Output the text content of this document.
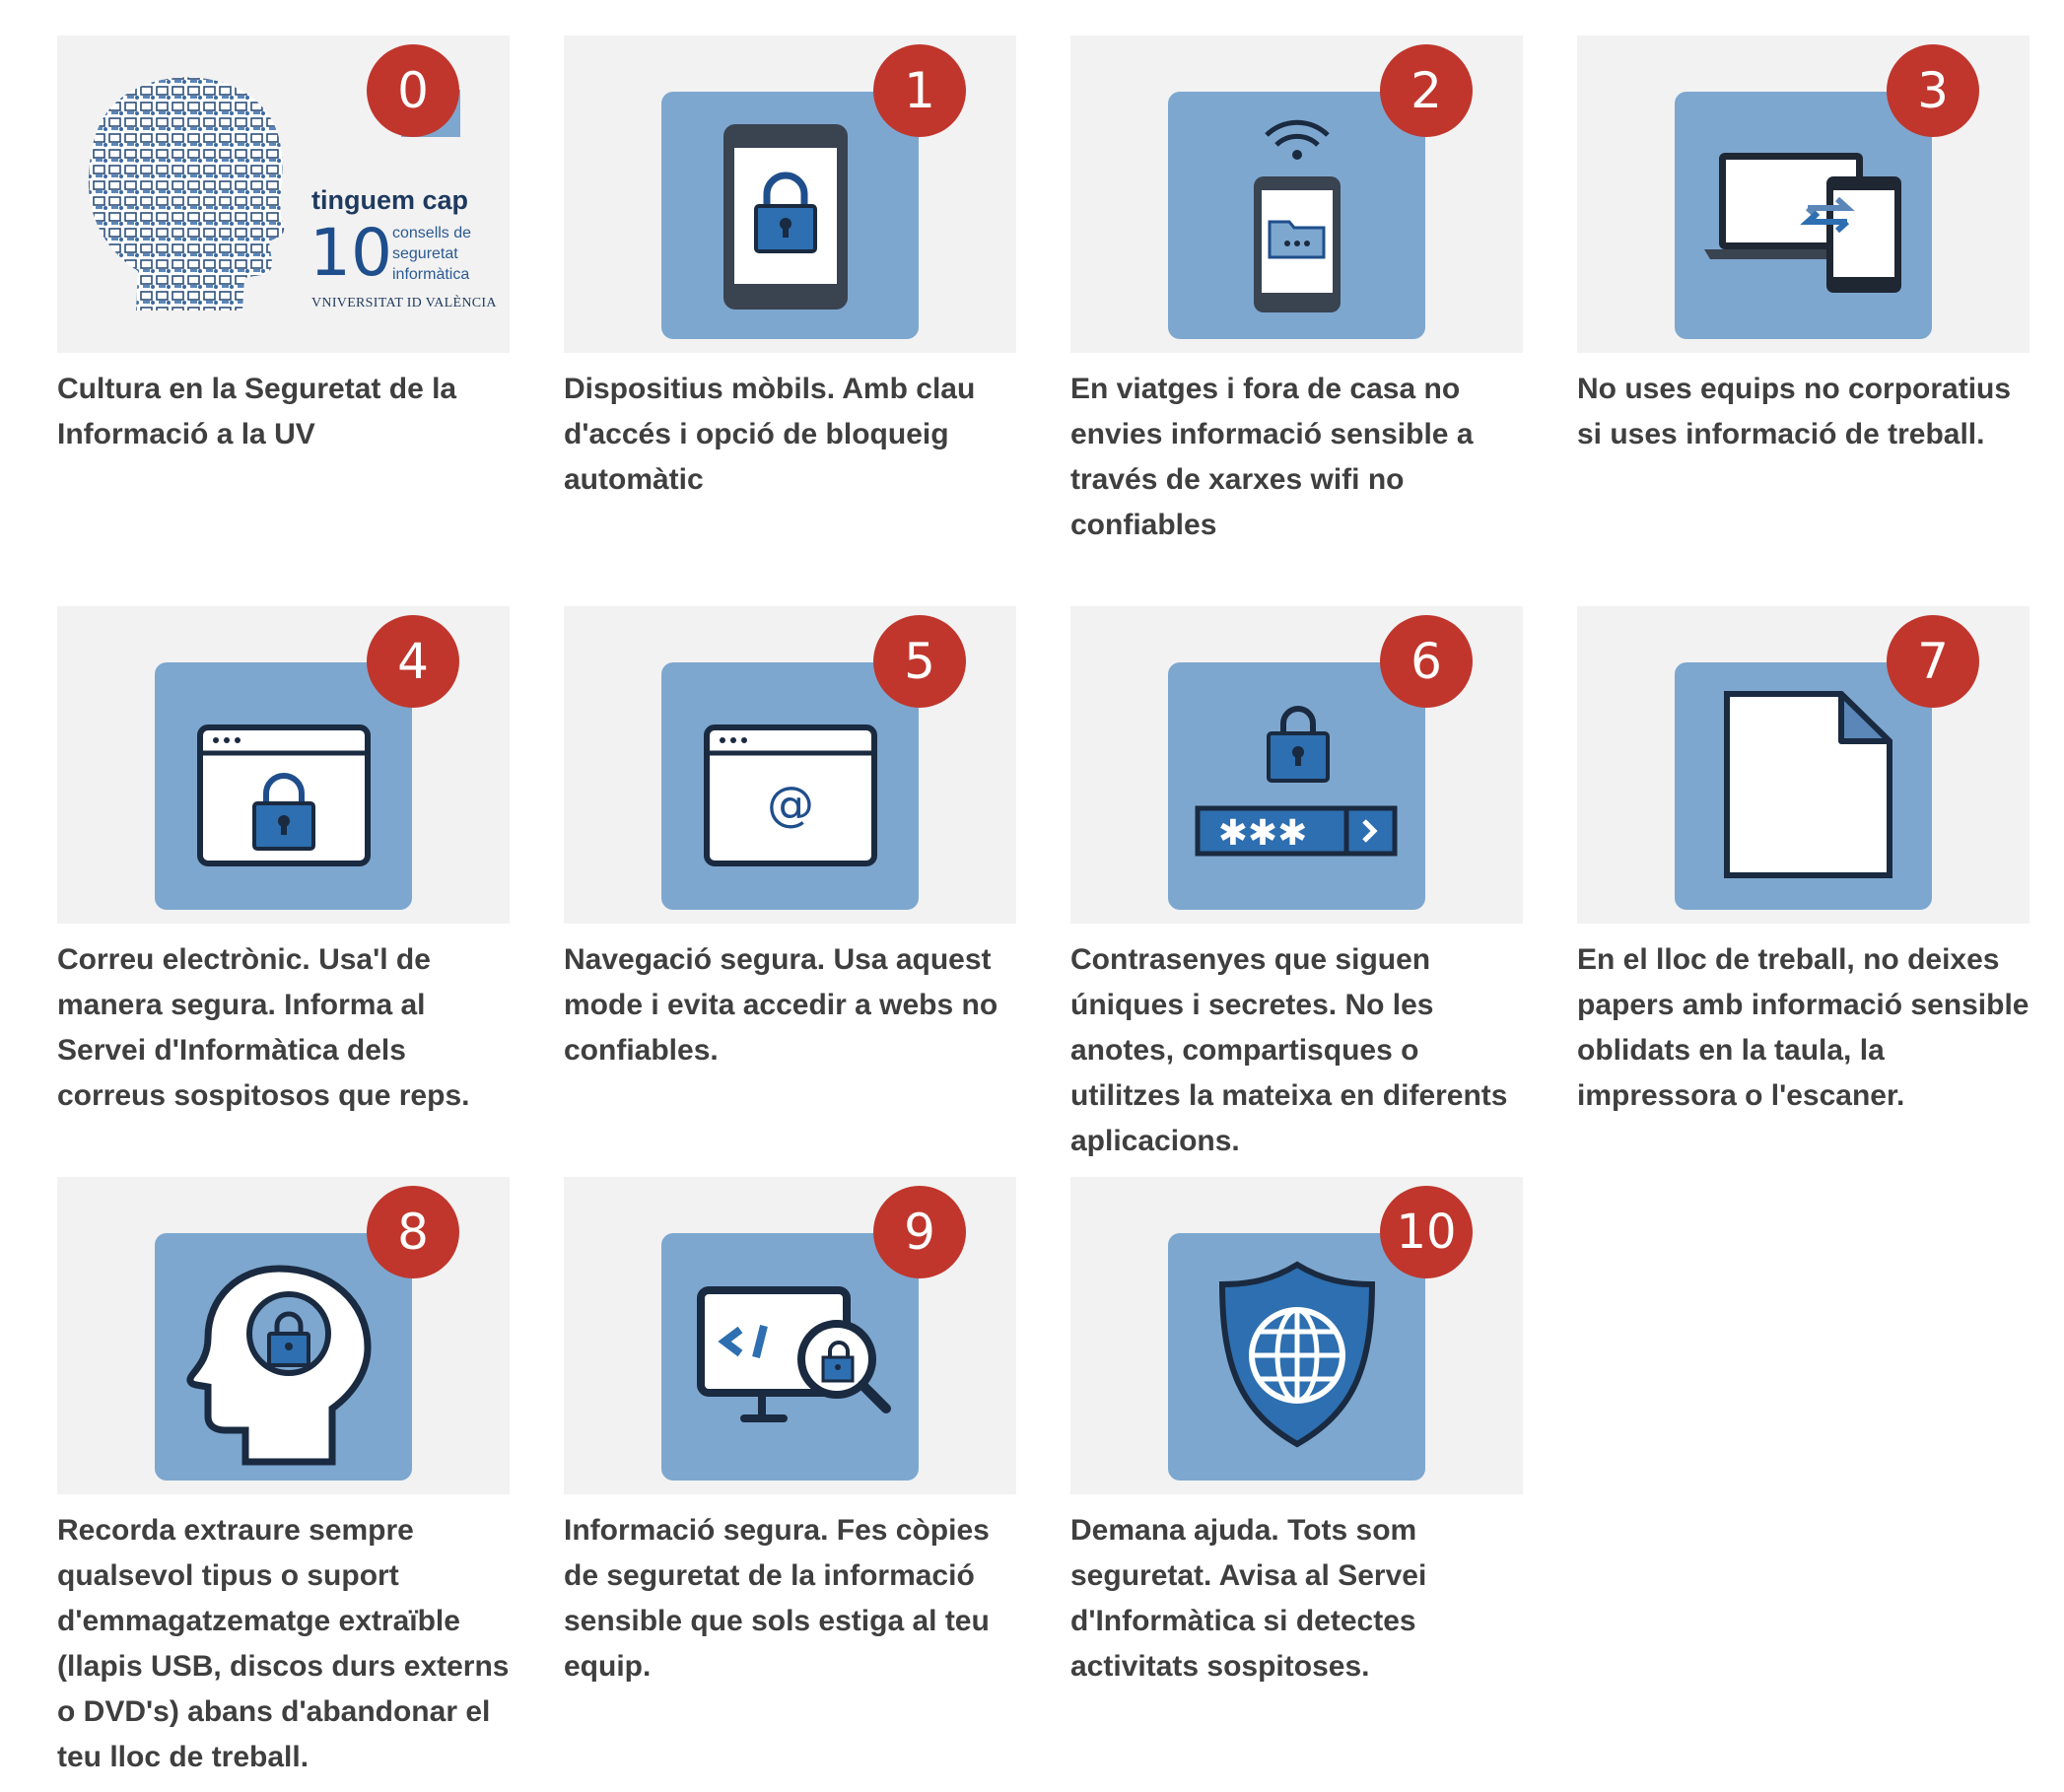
tinguem cap
10 consells de
seguretat
informàtica
VNIVERSITAT ID VALÈNCIA
0
Cultura en la Seguretat de la Informació a la UV
1
Dispositius mòbils. Amb clau d'accés i opció de bloqueig automàtic
2
En viatges i fora de casa no envies informació sensible a través de xarxes wifi no confiables
3
No uses equips no corporatius si uses informació de treball.
4
Correu electrònic. Usa'l de manera segura. Informa al Servei d'Informàtica dels correus sospitosos que reps.
@
5
Navegació segura. Usa aquest mode i evita accedir a webs no confiables.
✱✱✱
6
Contrasenyes que siguen úniques i secretes. No les anotes, compartisques o utilitzes la mateixa en diferents aplicacions.
7
En el lloc de treball, no deixes papers amb informació sensible oblidats en la taula, la impressora o l'escaner.
8
Recorda extraure sempre qualsevol tipus o suport d'emmagatzematge extraïble (llapis USB, discos durs externs o DVD's) abans d'abandonar el teu lloc de treball.
9
Informació segura. Fes còpies de seguretat de la informació sensible que sols estiga al teu equip.
10
Demana ajuda. Tots som seguretat. Avisa al Servei d'Informàtica si detectes activitats sospitoses.
